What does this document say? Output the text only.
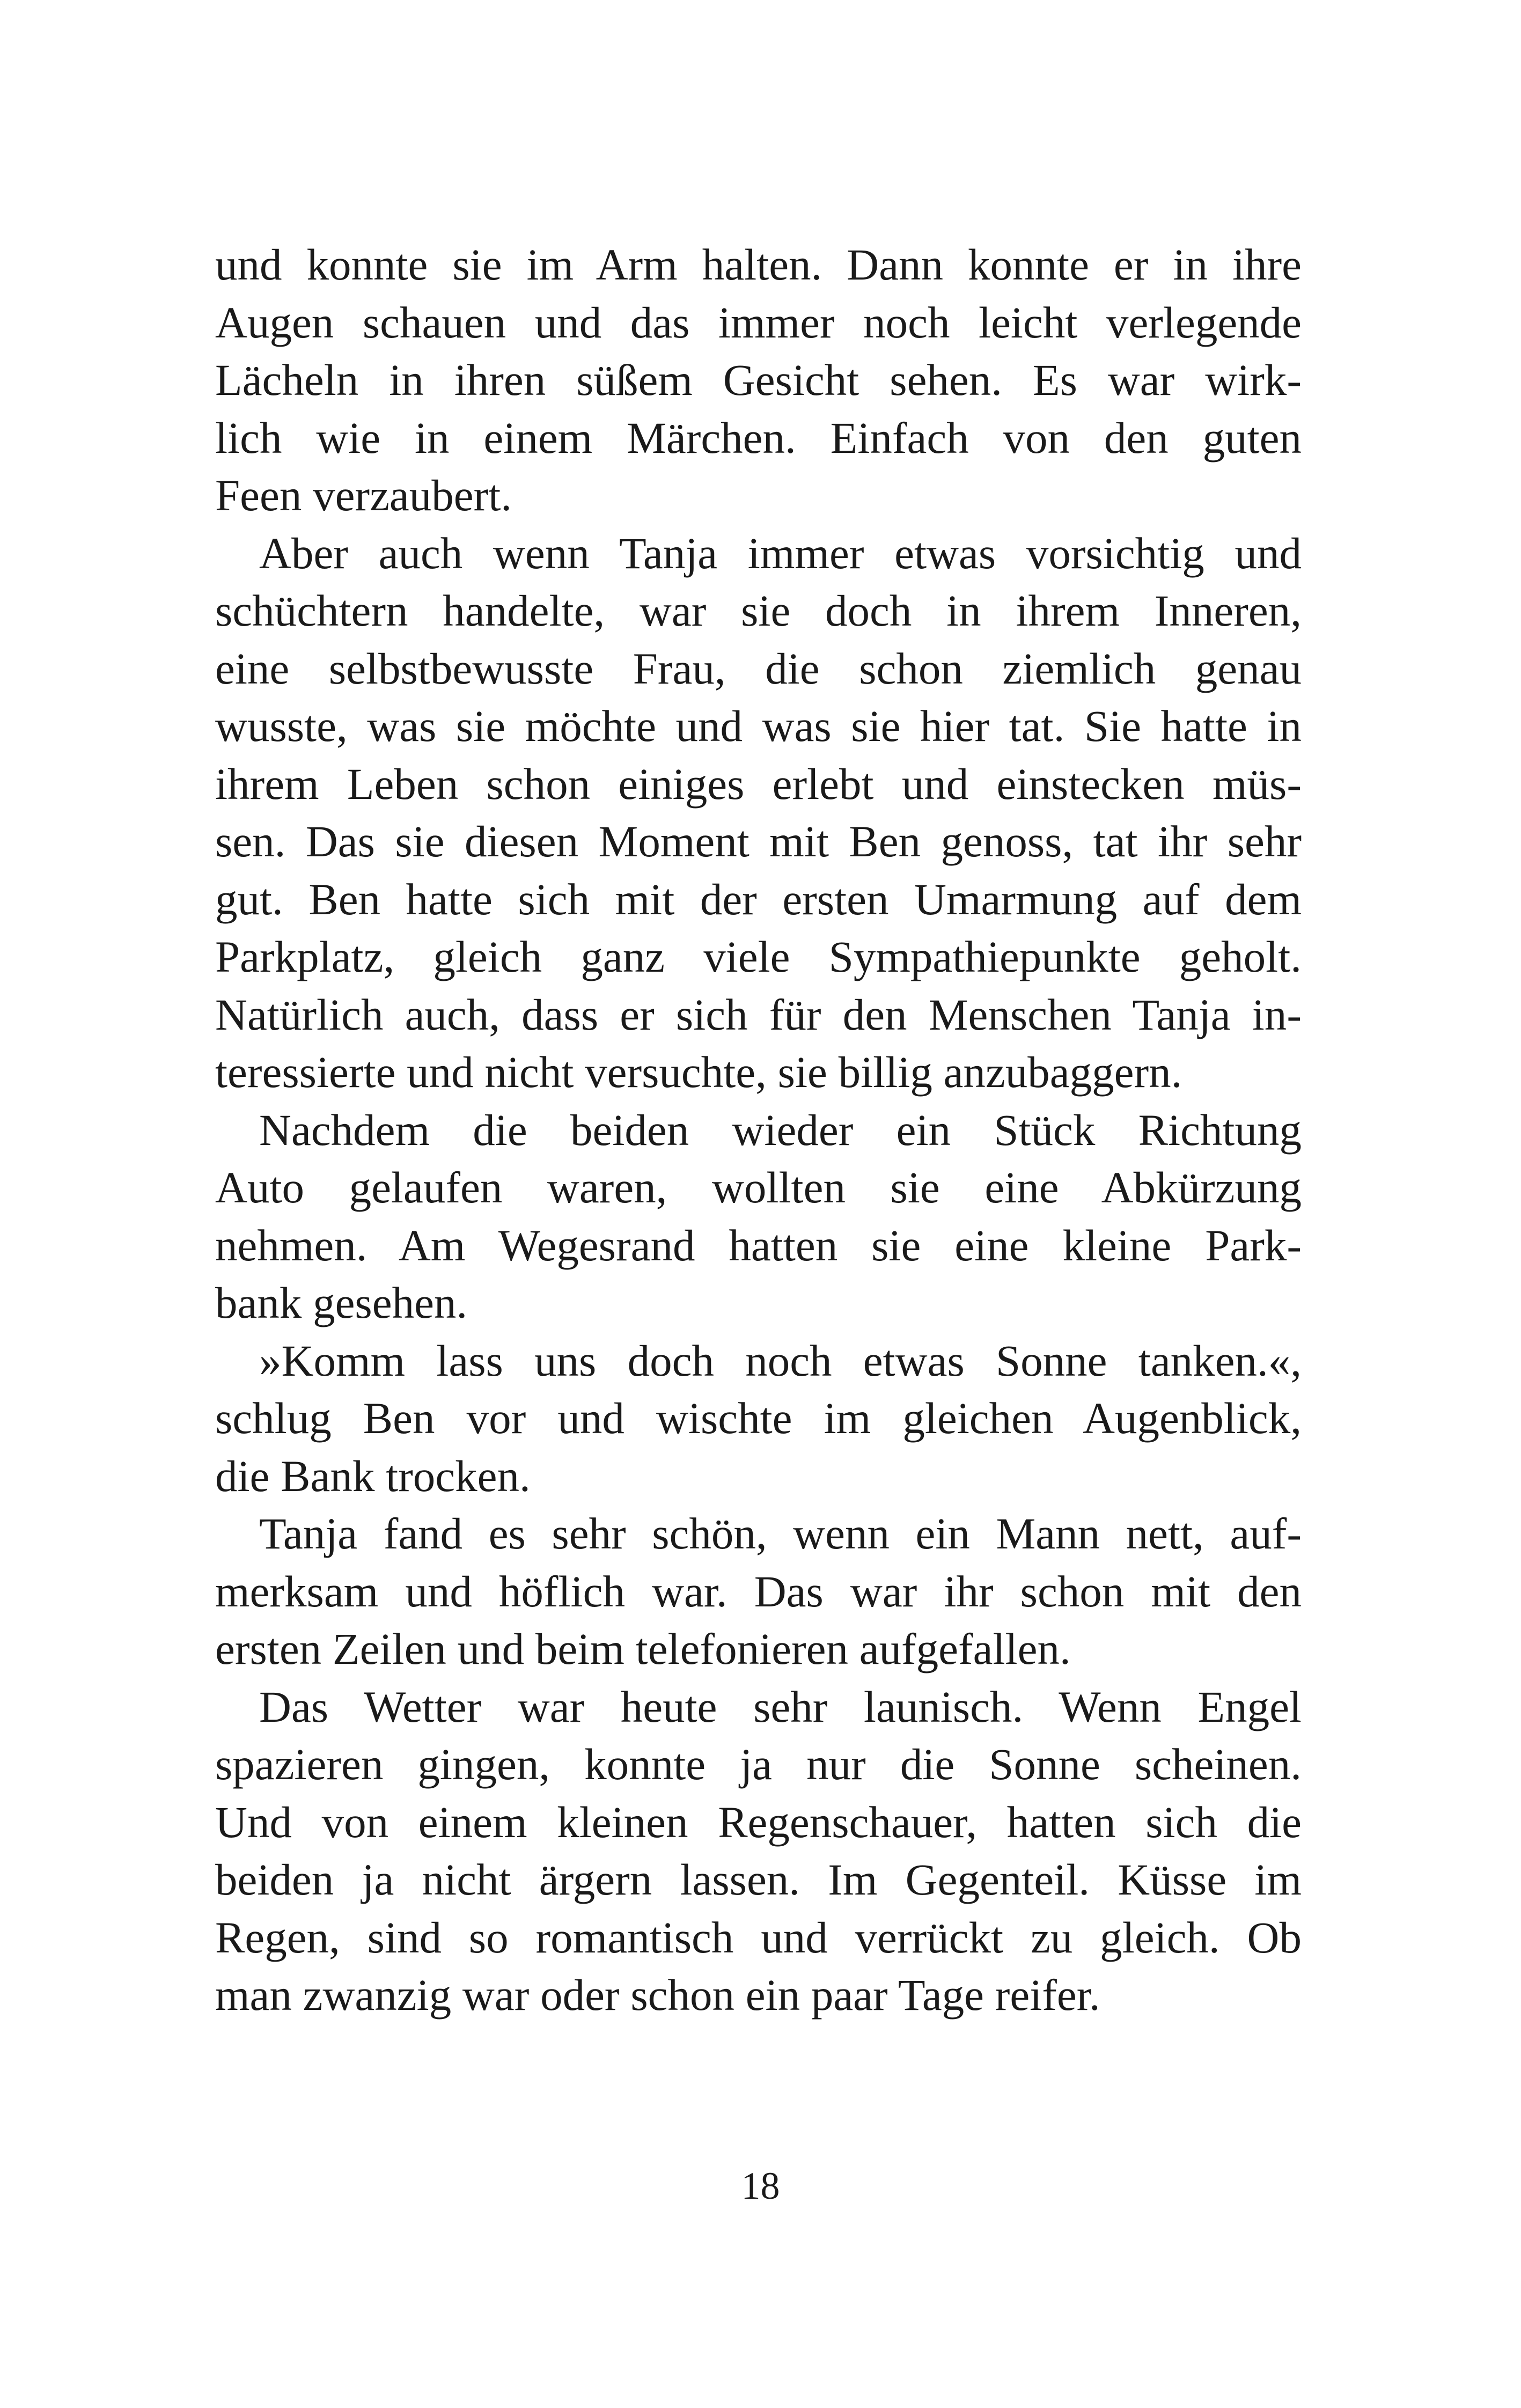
und konnte sie im Arm halten. Dann konnte er in ihre
Augen schauen und das immer noch leicht verlegende
Lächeln in ihren süßem Gesicht sehen. Es war wirk-
lich wie in einem Märchen. Einfach von den guten
Feen verzaubert.
Aber auch wenn Tanja immer etwas vorsichtig und
schüchtern handelte, war sie doch in ihrem Inneren,
eine selbstbewusste Frau, die schon ziemlich genau
wusste, was sie möchte und was sie hier tat. Sie hatte in
ihrem Leben schon einiges erlebt und einstecken müs-
sen. Das sie diesen Moment mit Ben genoss, tat ihr sehr
gut. Ben hatte sich mit der ersten Umarmung auf dem
Parkplatz, gleich ganz viele Sympathiepunkte geholt.
Natürlich auch, dass er sich für den Menschen Tanja in-
teressierte und nicht versuchte, sie billig anzubaggern.
Nachdem die beiden wieder ein Stück Richtung
Auto gelaufen waren, wollten sie eine Abkürzung
nehmen. Am Wegesrand hatten sie eine kleine Park-
bank gesehen.
»Komm lass uns doch noch etwas Sonne tanken.«,
schlug Ben vor und wischte im gleichen Augenblick,
die Bank trocken.
Tanja fand es sehr schön, wenn ein Mann nett, auf-
merksam und höflich war. Das war ihr schon mit den
ersten Zeilen und beim telefonieren aufgefallen.
Das Wetter war heute sehr launisch. Wenn Engel
spazieren gingen, konnte ja nur die Sonne scheinen.
Und von einem kleinen Regenschauer, hatten sich die
beiden ja nicht ärgern lassen. Im Gegenteil. Küsse im
Regen, sind so romantisch und verrückt zu gleich. Ob
man zwanzig war oder schon ein paar Tage reifer.
18
